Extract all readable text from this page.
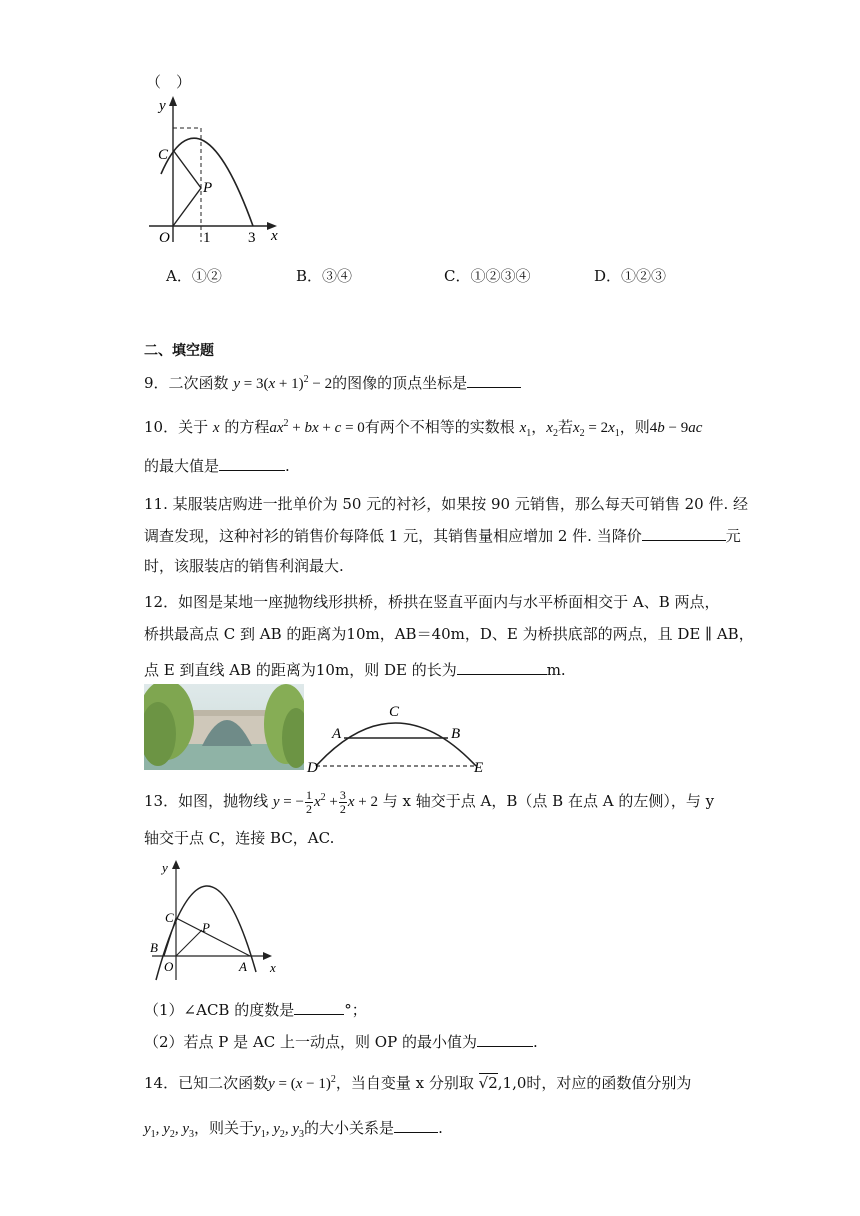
（　）
y
x
O
C
P
1	3
A．①②	B．③④	C．①②③④	D．①②③
二、填空题
9．二次函数 $y = 3(x + 1)^2 - 2$的图像的顶点坐标是
10．关于 x 的方程$ax^2$ + bx + c = 0有两个不相等的实数根 $x_1$，$x_2$若$x_2 = 2x_1$，则4b − 9ac
的最大值是	.
11. 某服装店购进一批单价为 50 元的衬衫，如果按 90 元销售，那么每天可销售 20 件. 经
调查发现，这种衬衫的销售价每降低 1 元，其销售量相应增加 2 件. 当降价	元
时，该服装店的销售利润最大.
12．如图是某地一座抛物线形拱桥，桥拱在竖直平面内与水平桥面相交于 A、B 两点，
桥拱最高点 C 到 AB 的距离为10m，AB＝40m，D、E 为桥拱底部的两点，且 DE ∥ AB，
点 E 到直线 AB 的距离为10m，则 DE 的长为	m.
A	B
C
D	E
13．如图，抛物线 y = − $\frac{1}{2} x^2 + \frac{3}{2}$ x + 2 与 x 轴交于点 A，B（点 B 在点 A 的左侧），与 y
轴交于点 C，连接 BC，AC.
y
x
O	A
B
C
P
（1）∠ACB 的度数是	°；
（2）若点 P 是 AC 上一动点，则 OP 的最小值为	.
14．已知二次函数$y = (x - 1)^2$，当自变量 x 分别取 √2,1,0时，对应的函数值分别为
$y_1$, $y_2$, $y_3$，则关于$y_1$, $y_2$, $y_3$的大小关系是	.
